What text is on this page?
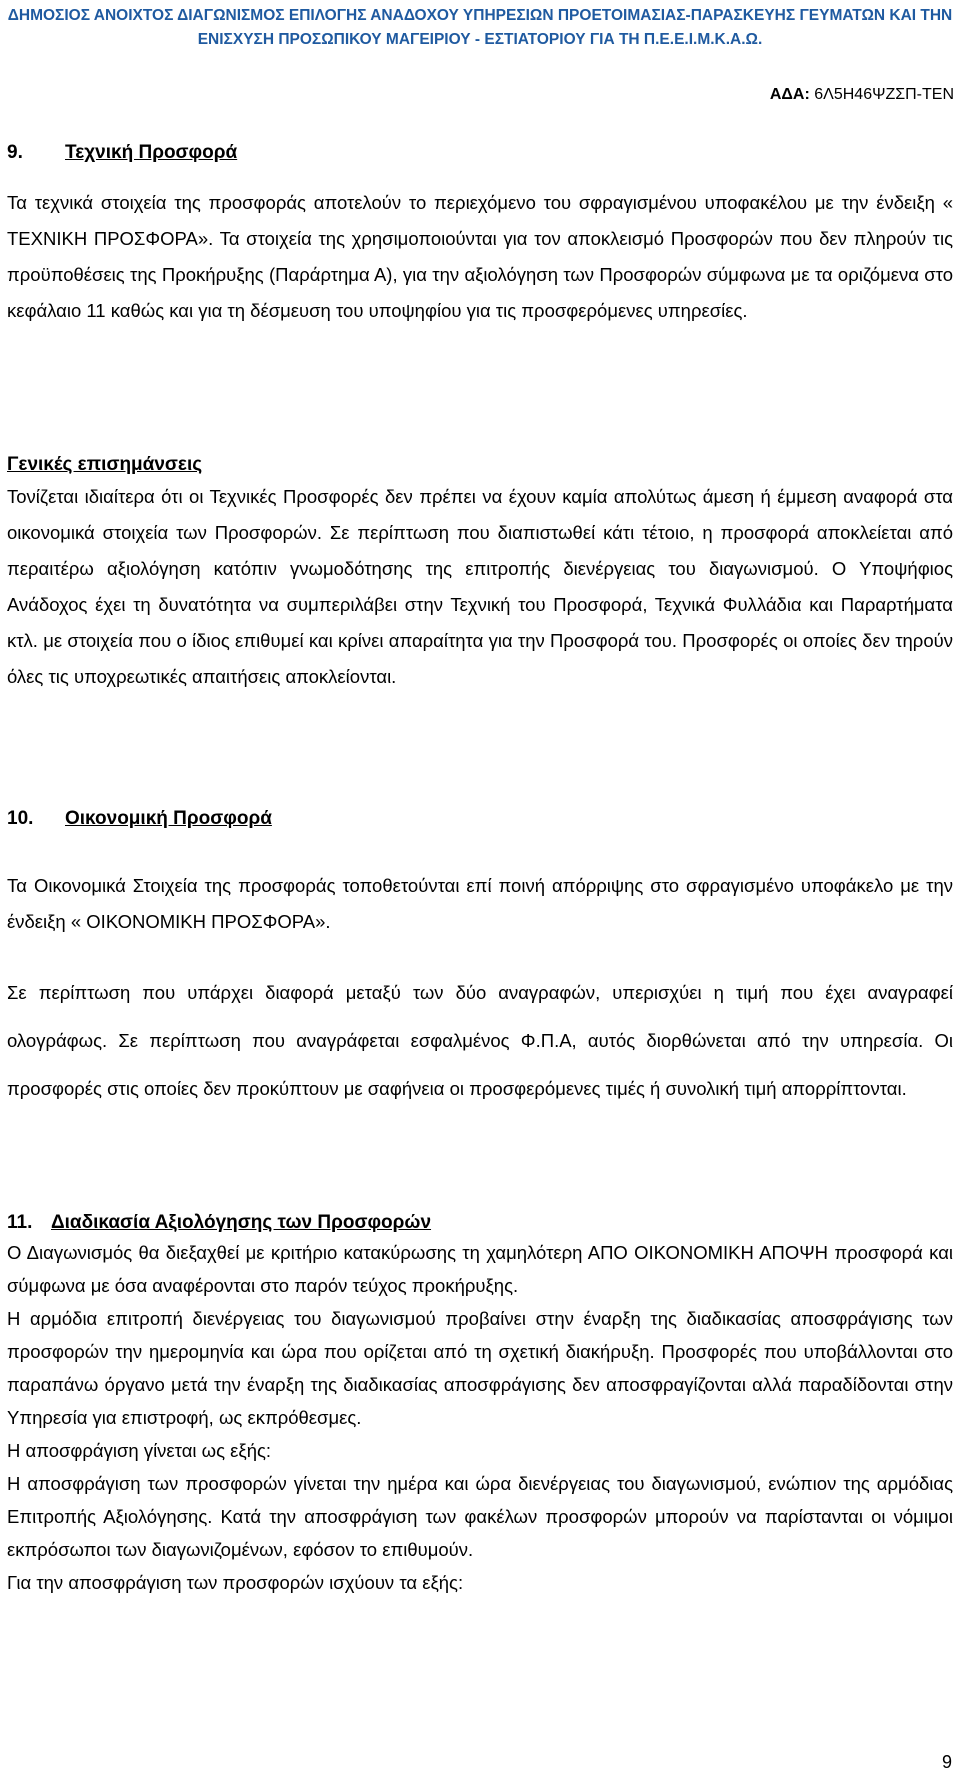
ΔΗΜΟΣΙΟΣ ΑΝΟΙΧΤΟΣ ΔΙΑΓΩΝΙΣΜΟΣ ΕΠΙΛΟΓΗΣ ΑΝΑΔΟΧΟΥ ΥΠΗΡΕΣΙΩΝ ΠΡΟΕΤΟΙΜΑΣΙΑΣ-ΠΑΡΑΣΚΕΥΗΣ ΓΕΥΜΑΤΩΝ ΚΑΙ ΤΗΝ
ΕΝΙΣΧΥΣΗ ΠΡΟΣΩΠΙΚΟΥ ΜΑΓΕΙΡΙΟΥ - ΕΣΤΙΑΤΟΡΙΟΥ ΓΙΑ ΤΗ Π.Ε.Ε.Ι.Μ.Κ.Α.Ω.
ΑΔΑ: 6Λ5Η46ΨΖΣΠ-ΤΕΝ
9. Τεχνική Προσφορά

Τα τεχνικά στοιχεία της προσφοράς αποτελούν το περιεχόμενο του σφραγισμένου υποφακέλου με την ένδειξη « ΤΕΧΝΙΚΗ ΠΡΟΣΦΟΡΑ». Τα στοιχεία της χρησιμοποιούνται για τον αποκλεισμό Προσφορών που δεν πληρούν τις προϋποθέσεις της Προκήρυξης (Παράρτημα Α), για την αξιολόγηση των Προσφορών σύμφωνα με τα οριζόμενα στο κεφάλαιο 11 καθώς και για τη δέσμευση του υποψηφίου για τις προσφερόμενες υπηρεσίες.

Γενικές επισημάνσεις

Τονίζεται ιδιαίτερα ότι οι Τεχνικές Προσφορές δεν πρέπει να έχουν καμία απολύτως άμεση ή έμμεση αναφορά στα οικονομικά στοιχεία των Προσφορών. Σε περίπτωση που διαπιστωθεί κάτι τέτοιο, η προσφορά αποκλείεται από περαιτέρω αξιολόγηση κατόπιν γνωμοδότησης της επιτροπής διενέργειας του διαγωνισμού. Ο Υποψήφιος Ανάδοχος έχει τη δυνατότητα να συμπεριλάβει στην Τεχνική του Προσφορά, Τεχνικά Φυλλάδια και Παραρτήματα κτλ. με στοιχεία που ο ίδιος επιθυμεί και κρίνει απαραίτητα για την Προσφορά του. Προσφορές οι οποίες δεν τηρούν όλες τις υποχρεωτικές απαιτήσεις αποκλείονται.

10. Οικονομική Προσφορά

Τα Οικονομικά Στοιχεία της προσφοράς τοποθετούνται επί ποινή απόρριψης στο σφραγισμένο υποφάκελο με την ένδειξη « ΟΙΚΟΝΟΜΙΚΗ ΠΡΟΣΦΟΡΑ».

Σε περίπτωση που υπάρχει διαφορά μεταξύ των δύο αναγραφών, υπερισχύει η τιμή που έχει αναγραφεί ολογράφως. Σε περίπτωση που αναγράφεται εσφαλμένος Φ.Π.Α, αυτός διορθώνεται από την υπηρεσία. Οι προσφορές στις οποίες δεν προκύπτουν με σαφήνεια οι προσφερόμενες τιμές ή συνολική τιμή απορρίπτονται.

11. Διαδικασία Αξιολόγησης των Προσφορών

Ο Διαγωνισμός θα διεξαχθεί με κριτήριο κατακύρωσης τη χαμηλότερη ΑΠΟ ΟΙΚΟΝΟΜΙΚΗ ΑΠΟΨΗ προσφορά και σύμφωνα με όσα αναφέρονται στο παρόν τεύχος προκήρυξης.

Η αρμόδια επιτροπή διενέργειας του διαγωνισμού προβαίνει στην έναρξη της διαδικασίας αποσφράγισης των προσφορών την ημερομηνία και ώρα που ορίζεται από τη σχετική διακήρυξη. Προσφορές που υποβάλλονται στο παραπάνω όργανο μετά την έναρξη της διαδικασίας αποσφράγισης δεν αποσφραγίζονται αλλά παραδίδονται στην Υπηρεσία για επιστροφή, ως εκπρόθεσμες.

Η αποσφράγιση γίνεται ως εξής:

Η αποσφράγιση των προσφορών γίνεται την ημέρα και ώρα διενέργειας του διαγωνισμού, ενώπιον της αρμόδιας Επιτροπής Αξιολόγησης. Κατά την αποσφράγιση των φακέλων προσφορών μπορούν να παρίστανται οι νόμιμοι εκπρόσωποι των διαγωνιζομένων, εφόσον το επιθυμούν.

Για την αποσφράγιση των προσφορών ισχύουν τα εξής:

9
